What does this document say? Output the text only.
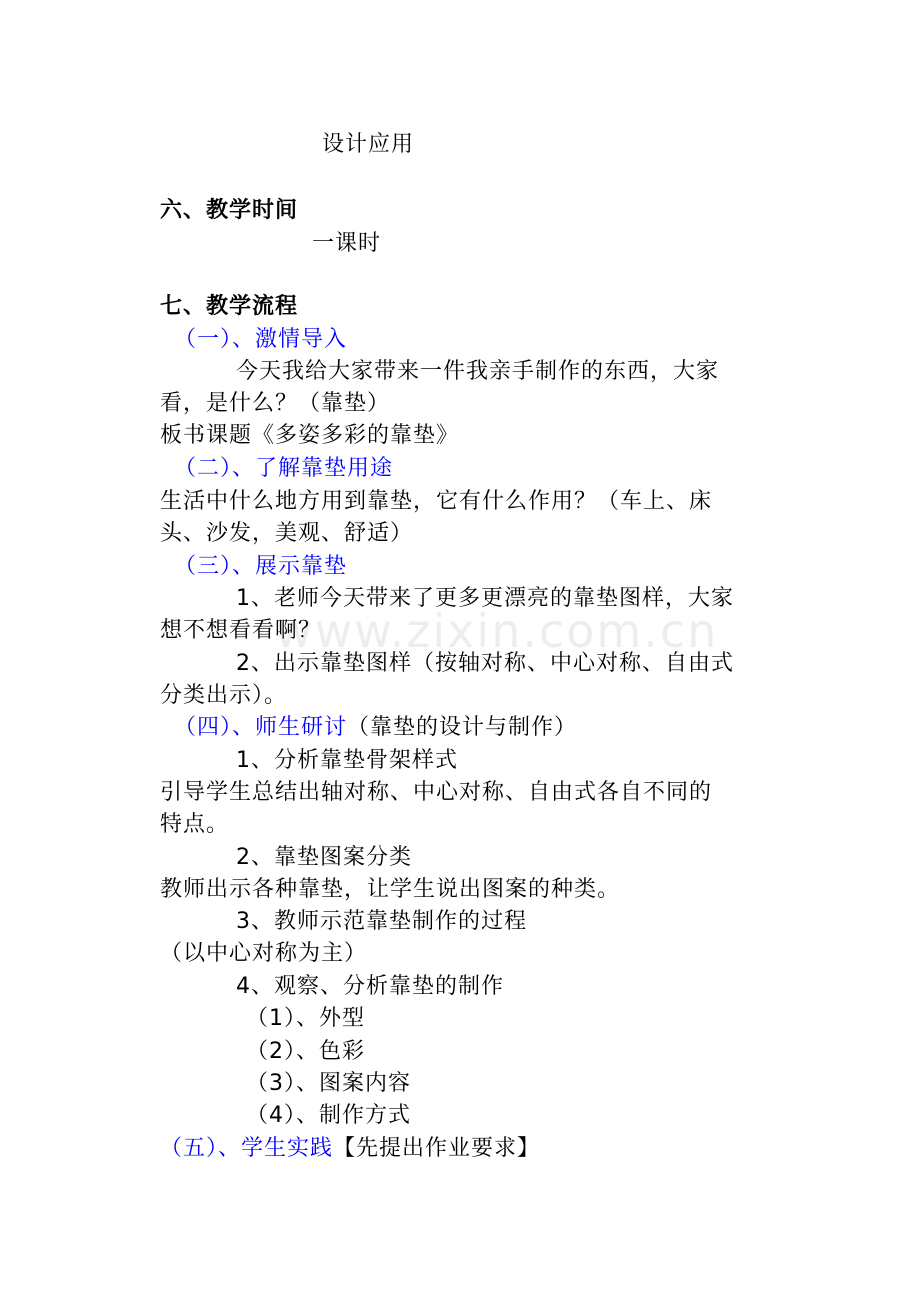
www.zixin.com.cn
设计应用
六、教学时间
一课时
七、教学流程
（一）、激情导入
今天我给大家带来一件我亲手制作的东西，大家
看，是什么？（靠垫）
板书课题《多姿多彩的靠垫》
（二）、了解靠垫用途
生活中什么地方用到靠垫，它有什么作用？（车上、床
头、沙发，美观、舒适）
（三）、展示靠垫
1、老师今天带来了更多更漂亮的靠垫图样，大家
想不想看看啊？
2、出示靠垫图样（按轴对称、中心对称、自由式
分类出示）。
（四）、师生研讨（靠垫的设计与制作）
1、分析靠垫骨架样式
引导学生总结出轴对称、中心对称、自由式各自不同的
特点。
2、靠垫图案分类
教师出示各种靠垫，让学生说出图案的种类。
3、教师示范靠垫制作的过程
（以中心对称为主）
4、观察、分析靠垫的制作
（1）、外型
（2）、色彩
（3）、图案内容
（4）、制作方式
（五）、学生实践【先提出作业要求】
